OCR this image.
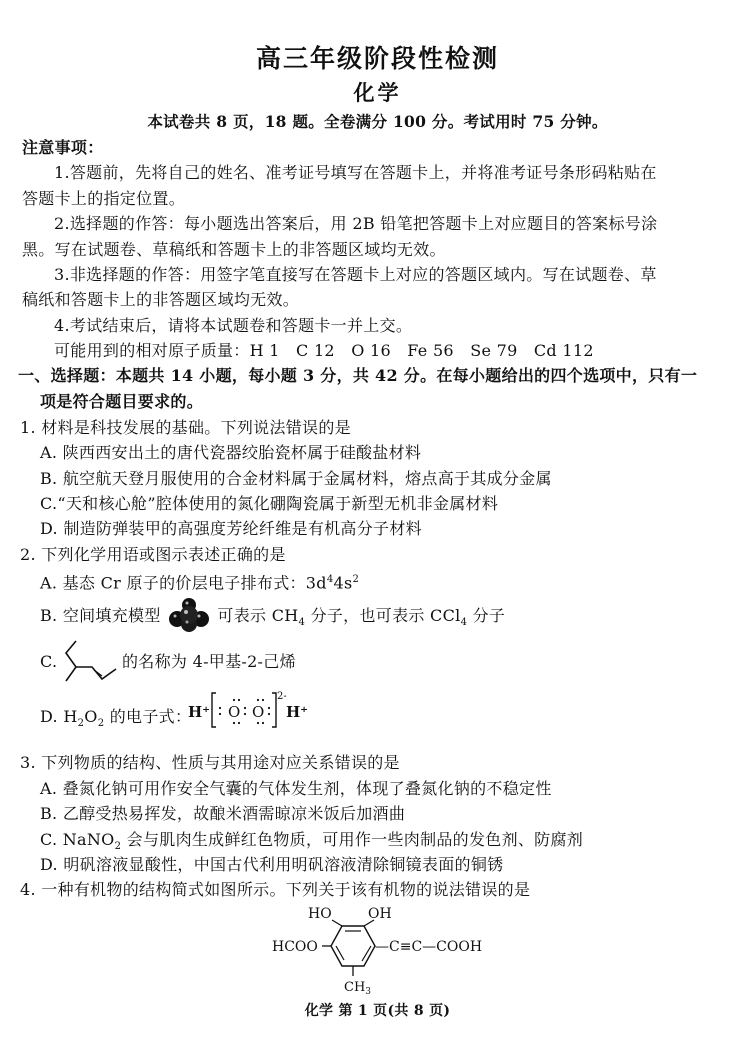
高三年级阶段性检测
化学
本试卷共 8 页，18 题。全卷满分 100 分。考试用时 75 分钟。
注意事项：
1.答题前，先将自己的姓名、准考证号填写在答题卡上，并将准考证号条形码粘贴在
答题卡上的指定位置。
2.选择题的作答：每小题选出答案后，用 2B 铅笔把答题卡上对应题目的答案标号涂
黑。写在试题卷、草稿纸和答题卡上的非答题区域均无效。
3.非选择题的作答：用签字笔直接写在答题卡上对应的答题区域内。写在试题卷、草
稿纸和答题卡上的非答题区域均无效。
4.考试结束后，请将本试题卷和答题卡一并上交。
可能用到的相对原子质量：H 1　C 12　O 16　Fe 56　Se 79　Cd 112
一、选择题：本题共 14 小题，每小题 3 分，共 42 分。在每小题给出的四个选项中，只有一
项是符合题目要求的。
1. 材料是科技发展的基础。下列说法错误的是
A. 陕西西安出土的唐代瓷器绞胎瓷杯属于硅酸盐材料
B. 航空航天登月服使用的合金材料属于金属材料，熔点高于其成分金属
C.“天和核心舱”腔体使用的氮化硼陶瓷属于新型无机非金属材料
D. 制造防弹装甲的高强度芳纶纤维是有机高分子材料
2. 下列化学用语或图示表述正确的是
A. 基态 Cr 原子的价层电子排布式：$3d^44s^2$
B. 空间填充模型	可表示 $CH_4$ 分子，也可表示 CCl$_4$ 分子
C.	的名称为 4-甲基-2-己烯
D. $H_2O_2$ 的电子式：
H⁺ O O
2-
H⁺
3. 下列物质的结构、性质与其用途对应关系错误的是
A. 叠氮化钠可用作安全气囊的气体发生剂，体现了叠氮化钠的不稳定性
B. 乙醇受热易挥发，故酿米酒需晾凉米饭后加酒曲
C. NaNO$_2$ 会与肌肉生成鲜红色物质，可用作一些肉制品的发色剂、防腐剂
D. 明矾溶液显酸性，中国古代利用明矾溶液清除铜镜表面的铜锈
4. 一种有机物的结构简式如图所示。下列关于该有机物的说法错误的是
HO	OH
HCOO	—C≡C—COOH
$CH_3$
化学 第 1 页(共 8 页)
